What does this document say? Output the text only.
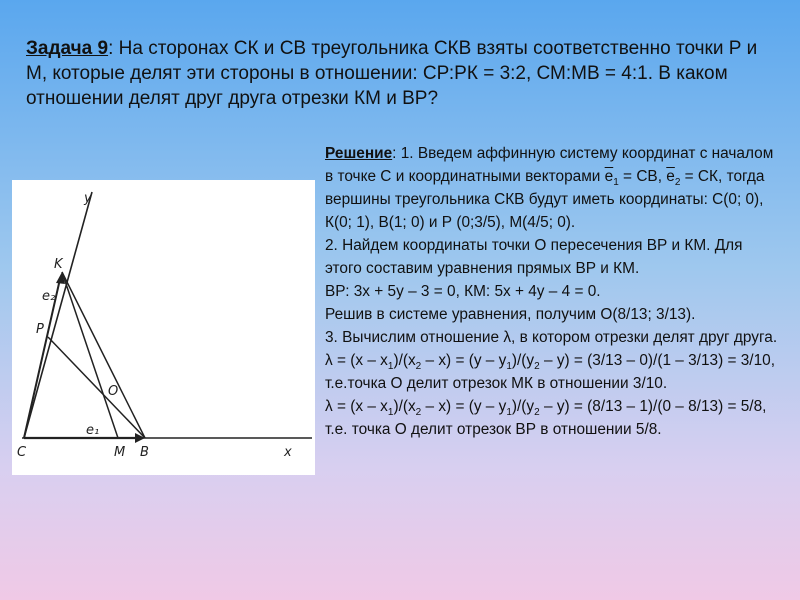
Задача 9: На сторонах СК и СВ треугольника СКВ взяты соответственно точки Р и М, которые делят эти стороны в отношении: СР:РК = 3:2, СМ:МВ = 4:1. В каком отношении делят друг друга отрезки КМ и ВР?
y
K
e₂
P
O
e₁
C	M B	x

Решение: 1. Введем аффинную систему координат с началом в точке С и координатными векторами $\overline{e}_1$ = СВ, $\overline{e}_2$ = СК, тогда вершины треугольника СКВ будут иметь координаты: С(0; 0), К(0; 1), В(1; 0) и Р (0;3/5), М(4/5; 0).

2. Найдем координаты точки О пересечения ВР и КМ. Для этого составим уравнения прямых ВР и КМ.

ВР: 3х + 5у – 3 = 0, КМ: 5х + 4у – 4 = 0.

Решив в системе уравнения, получим О(8/13; 3/13).

3. Вычислим отношение λ, в котором отрезки делят друг друга.

$\lambda = (х - х_1)/(х_2 - х) = (у - у_1)/(у_2 - у) = (3/13 - 0)/(1 - 3/13) = 3/10$, т.е.точка О делит отрезок МК в отношении 3/10.

$\lambda = (х - х_1)/(х_2 - х) = (у - у_1)/(у_2 - у) = (8/13 - 1)/(0 - 8/13) = 5/8$, т.е. точка О делит отрезок ВР в отношении 5/8.
